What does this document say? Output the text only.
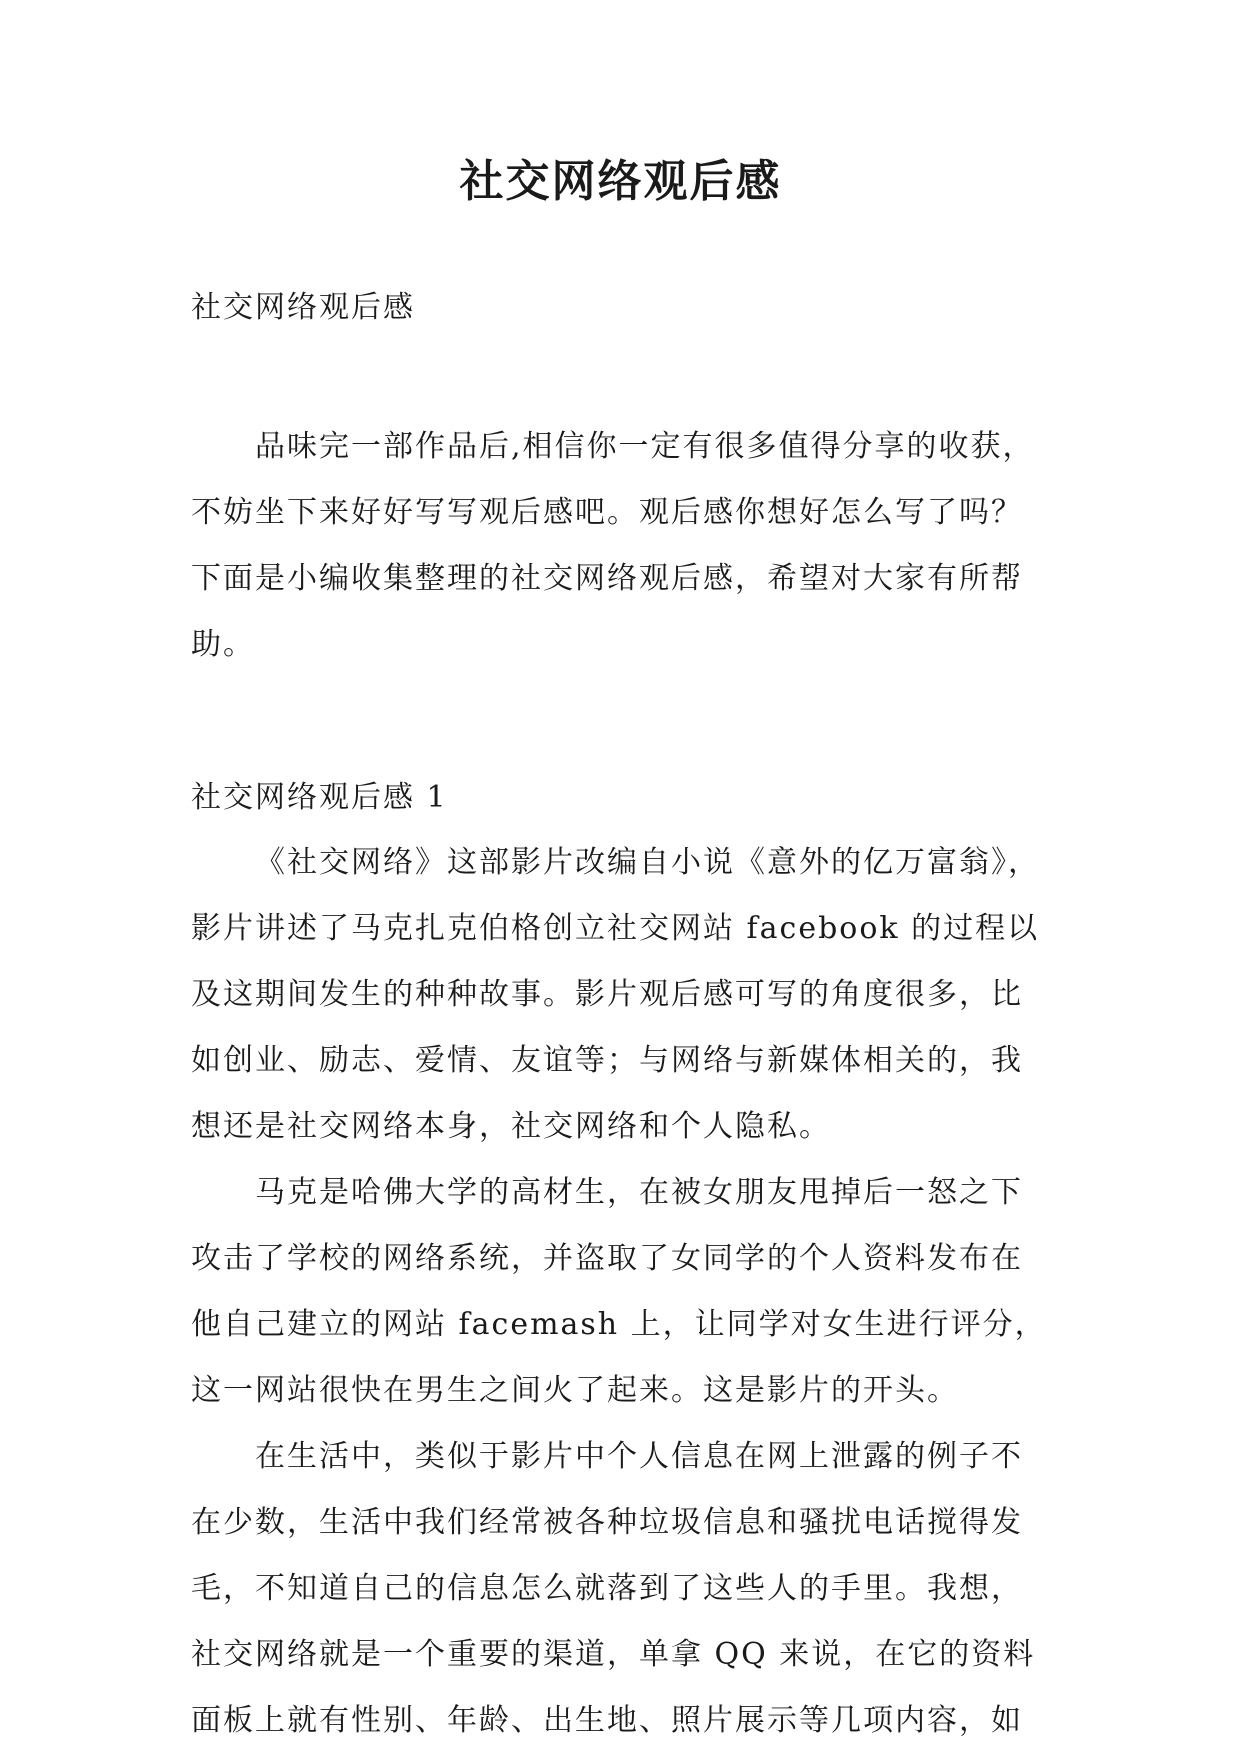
社交网络观后感

社交网络观后感

品味完一部作品后,相信你一定有很多值得分享的收获，
不妨坐下来好好写写观后感吧。观后感你想好怎么写了吗？
下面是小编收集整理的社交网络观后感，希望对大家有所帮
助。

社交网络观后感 1

《社交网络》这部影片改编自小说《意外的亿万富翁》，
影片讲述了马克扎克伯格创立社交网站 facebook 的过程以
及这期间发生的种种故事。影片观后感可写的角度很多，比
如创业、励志、爱情、友谊等；与网络与新媒体相关的，我
想还是社交网络本身，社交网络和个人隐私。

马克是哈佛大学的高材生，在被女朋友甩掉后一怒之下
攻击了学校的网络系统，并盗取了女同学的个人资料发布在
他自己建立的网站 facemash 上，让同学对女生进行评分，
这一网站很快在男生之间火了起来。这是影片的开头。

在生活中，类似于影片中个人信息在网上泄露的例子不
在少数，生活中我们经常被各种垃圾信息和骚扰电话搅得发
毛，不知道自己的信息怎么就落到了这些人的手里。我想，
社交网络就是一个重要的渠道，单拿 QQ 来说，在它的资料
面板上就有性别、年龄、出生地、照片展示等几项内容，如
